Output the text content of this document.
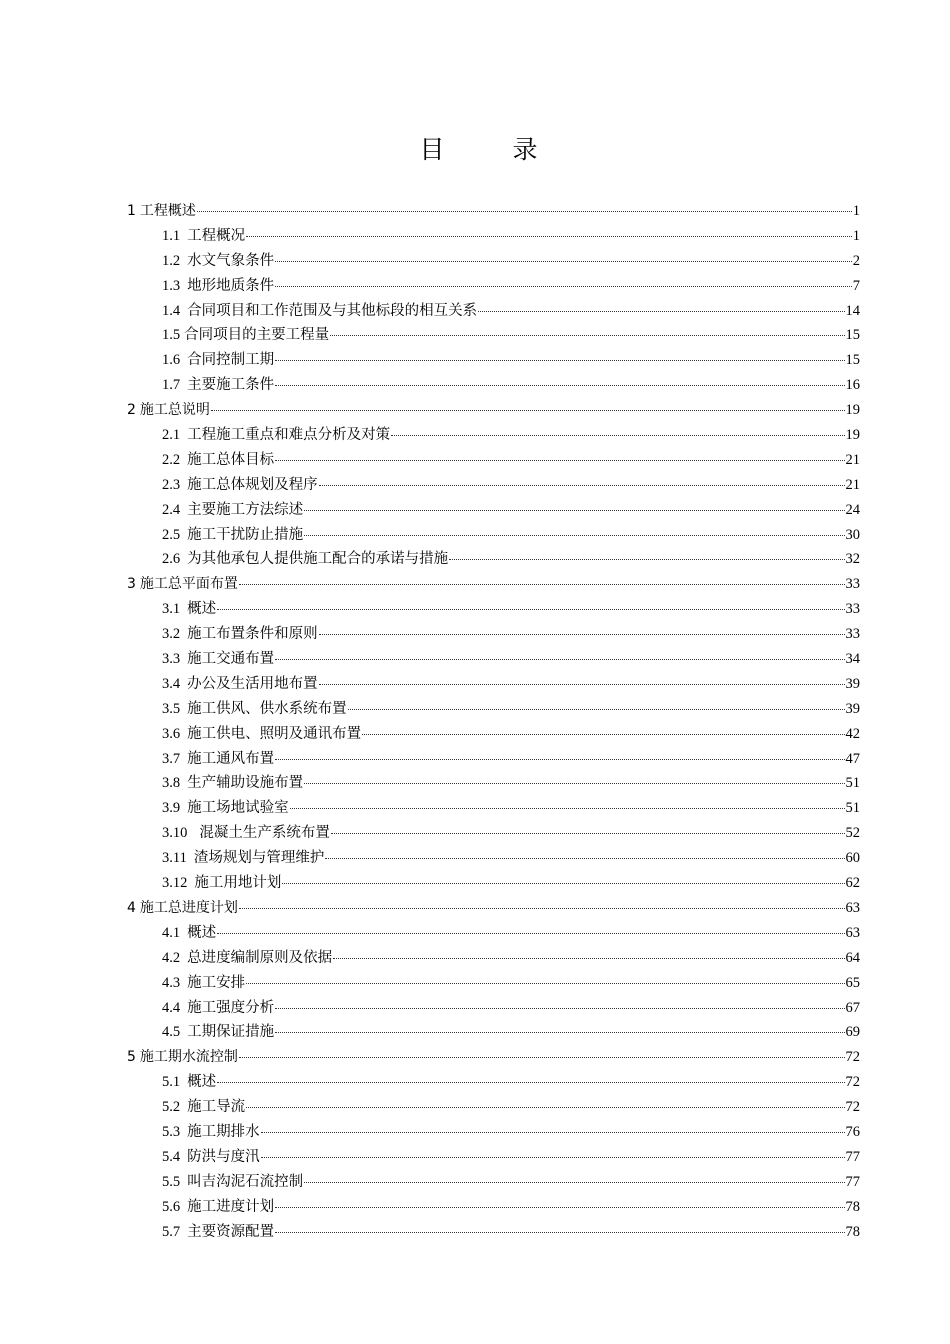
目 录
1 工程概述	1
1.1 工程概况	1
1.2 水文气象条件	2
1.3 地形地质条件	7
1.4 合同项目和工作范围及与其他标段的相互关系	14
1.5 合同项目的主要工程量	15
1.6 合同控制工期	15
1.7 主要施工条件	16
2 施工总说明	19
2.1 工程施工重点和难点分析及对策	19
2.2 施工总体目标	21
2.3 施工总体规划及程序	21
2.4 主要施工方法综述	24
2.5 施工干扰防止措施	30
2.6 为其他承包人提供施工配合的承诺与措施	32
3 施工总平面布置	33
3.1 概述	33
3.2 施工布置条件和原则	33
3.3 施工交通布置	34
3.4 办公及生活用地布置	39
3.5 施工供风、供水系统布置	39
3.6 施工供电、照明及通讯布置	42
3.7 施工通风布置	47
3.8 生产辅助设施布置	51
3.9 施工场地试验室	51
3.10 混凝土生产系统布置	52
3.11 渣场规划与管理维护	60
3.12 施工用地计划	62
4 施工总进度计划	63
4.1 概述	63
4.2 总进度编制原则及依据	64
4.3 施工安排	65
4.4 施工强度分析	67
4.5 工期保证措施	69
5 施工期水流控制	72
5.1 概述	72
5.2 施工导流	72
5.3 施工期排水	76
5.4 防洪与度汛	77
5.5 叫吉沟泥石流控制	77
5.6 施工进度计划	78
5.7 主要资源配置	78
